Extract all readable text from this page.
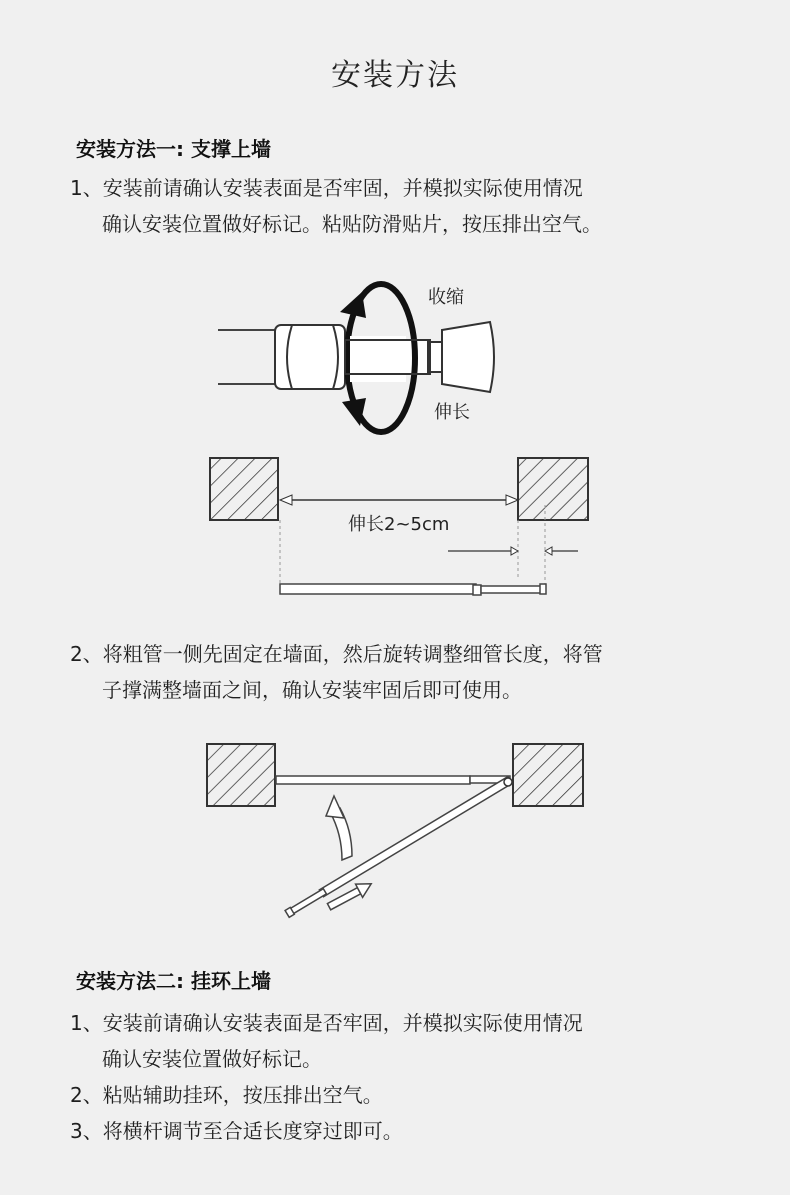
安装方法
安装方法一: 支撑上墙
1、安装前请确认安装表面是否牢固，并模拟实际使用情况
确认安装位置做好标记。粘贴防滑贴片，按压排出空气。
收缩
伸长
伸长2~5cm
2、将粗管一侧先固定在墙面，然后旋转调整细管长度，将管
子撑满整墙面之间，确认安装牢固后即可使用。
安装方法二: 挂环上墙
1、安装前请确认安装表面是否牢固，并模拟实际使用情况
确认安装位置做好标记。
2、粘贴辅助挂环，按压排出空气。
3、将横杆调节至合适长度穿过即可。
